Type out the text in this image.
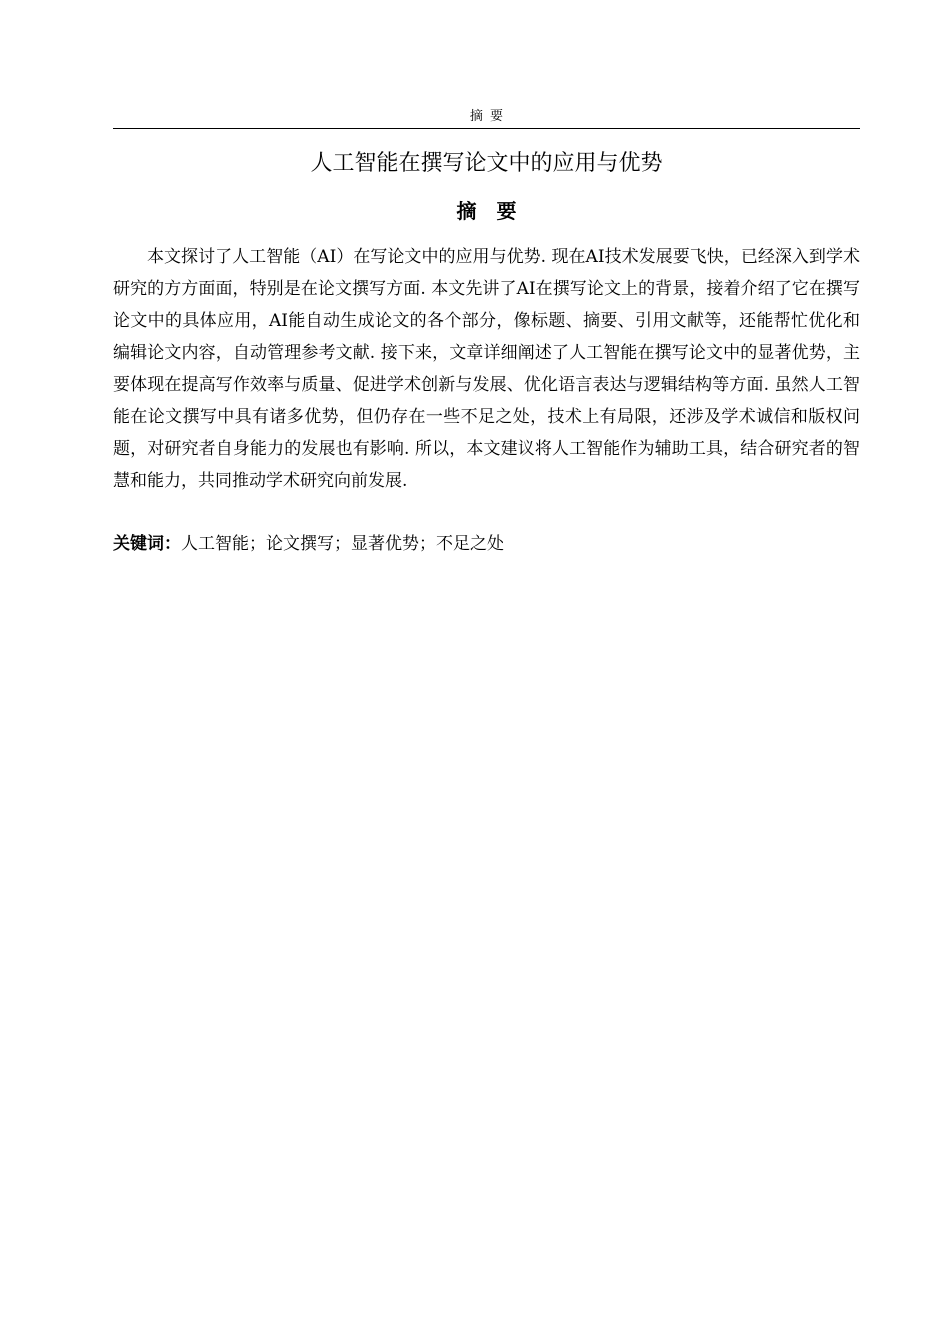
摘要
人工智能在撰写论文中的应用与优势
摘要

本文探讨了人工智能（AI）在写论文中的应用与优势. 现在AI技术发展要飞快，已经深入到学术研究的方方面面，特别是在论文撰写方面. 本文先讲了AI在撰写论文上的背景，接着介绍了它在撰写论文中的具体应用，AI能自动生成论文的各个部分，像标题、摘要、引用文献等，还能帮忙优化和编辑论文内容，自动管理参考文献. 接下来，文章详细阐述了人工智能在撰写论文中的显著优势，主要体现在提高写作效率与质量、促进学术创新与发展、优化语言表达与逻辑结构等方面. 虽然人工智能在论文撰写中具有诸多优势，但仍存在一些不足之处，技术上有局限，还涉及学术诚信和版权问题，对研究者自身能力的发展也有影响. 所以，本文建议将人工智能作为辅助工具，结合研究者的智慧和能力，共同推动学术研究向前发展.

关键词：人工智能；论文撰写；显著优势；不足之处
